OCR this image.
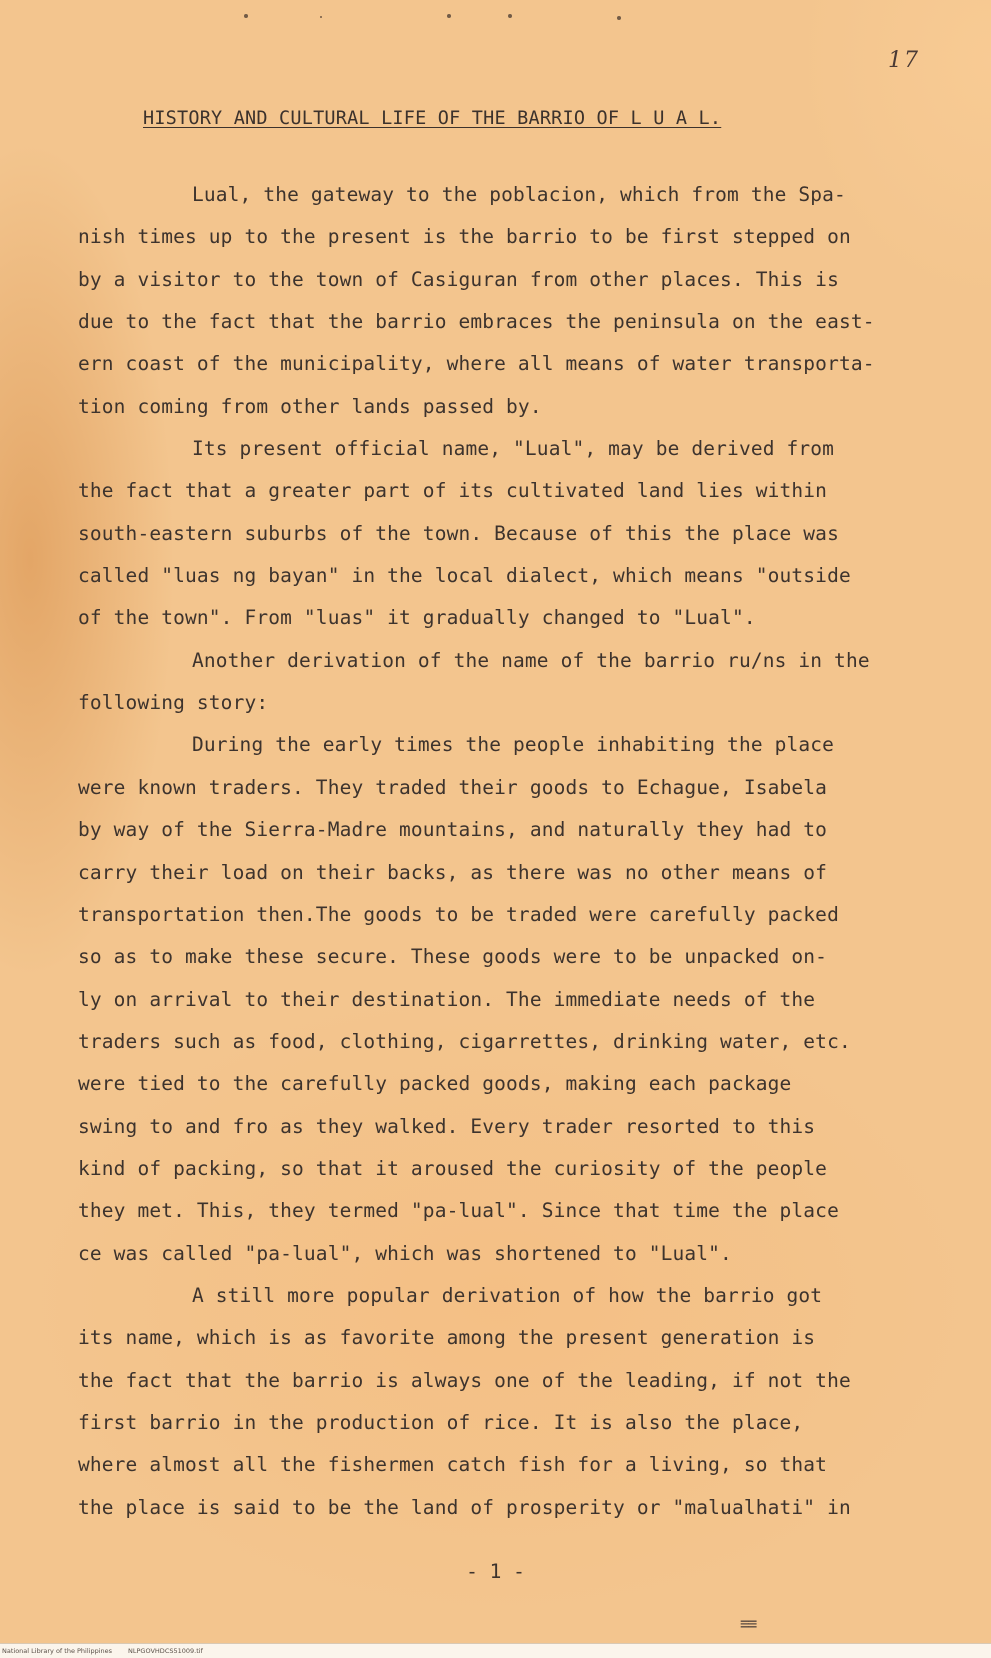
17
HISTORY AND CULTURAL LIFE OF THE BARRIO OF L U A L.
Lual, the gateway to the poblacion, which from the Spa-
nish times up to the present is the barrio to be first stepped on
by a visitor to the town of Casiguran from other places. This is
due to the fact that the barrio embraces the peninsula on the east-
ern coast of the municipality, where all means of water transporta-
tion coming from other lands passed by.
Its present official name, "Lual", may be derived from
the fact that a greater part of its cultivated land lies within
south-eastern suburbs of the town. Because of this the place was
called "luas ng bayan" in the local dialect, which means "outside
of the town". From "luas" it gradually changed to "Lual".
Another derivation of the name of the barrio ru/ns in the
following story:
During the early times the people inhabiting the place
were known traders. They traded their goods to Echague, Isabela
by way of the Sierra-Madre mountains, and naturally they had to
carry their load on their backs, as there was no other means of
transportation then.The goods to be traded were carefully packed
so as to make these secure. These goods were to be unpacked on-
ly on arrival to their destination. The immediate needs of the
traders such as food, clothing, cigarrettes, drinking water, etc.
were tied to the carefully packed goods, making each package
swing to and fro as they walked. Every trader resorted to this
kind of packing, so that it aroused the curiosity of the people
they met. This, they termed "pa-lual". Since that time the place
ce was called "pa-lual", which was shortened to "Lual".
A still more popular derivation of how the barrio got
its name, which is as favorite among the present generation is
the fact that the barrio is always one of the leading, if not the
first barrio in the production of rice. It is also the place,
where almost all the fishermen catch fish for a living, so that
the place is said to be the land of prosperity or "malualhati" in
- 1 -
≡≡
National Library of the Philippines NLPGOVHDCS51009.tif
